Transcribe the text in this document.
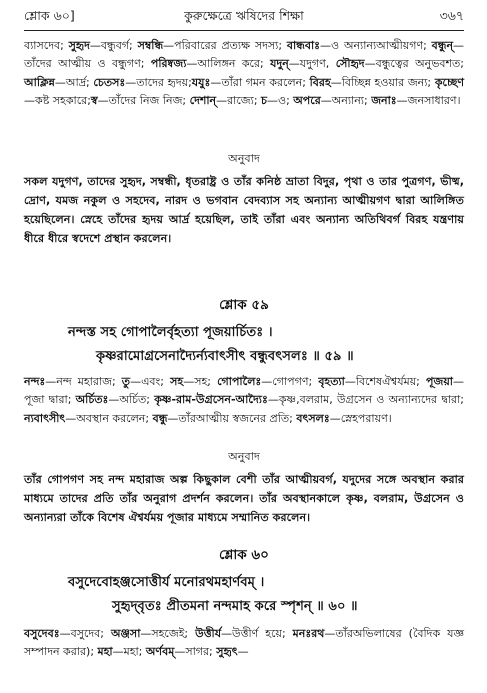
কুরুক্ষেত্রে ঋষিদের শিক্ষা
শ্লোক ৬০]	৩৬৭

ব্যাসদেব; সুহৃদ—বন্ধুবর্গ; সম্বন্ধি—পরিবারের প্রত্যক্ষ সদস্য; বান্ধবাঃ—ও অন্যান্যআত্মীয়গণ; বন্ধুন্—তাঁদের আত্মীয় ও বন্ধুগণ; পরিষ্বজ্য—আলিঙ্গন করে; যদুন্—যদুগণ, সৌহৃদ—বন্ধুত্বের অনুভবশত; আক্লিন্ন—আর্দ্র; চেতসঃ—তাদের হৃদয়;যযুঃ—তাঁরা গমন করলেন; বিরহ—বিচ্ছিন্ন হওয়ার জন্য; কৃচ্ছেণ—কষ্ট সহকারে;স্ব—তাঁদের নিজ নিজ; দেশান্—রাজ্যে; চ—ও; অপরে—অন্যান্য; জনাঃ—জনসাধারণ।

অনুবাদ

সকল যদুগণ, তাদের সুহৃদ, সম্বন্ধী, ধৃতরাষ্ট্র ও তাঁর কনিষ্ঠ ভ্রাতা বিদুর, পৃথা ও তার পুত্রগণ, ভীষ্ম, দ্রোণ, যমজ নকুল ও সহদেব, নারদ ও ভগবান বেদব্যাস সহ অন্যান্য আত্মীয়গণ দ্বারা আলিঙ্গিত হয়েছিলেন। স্নেহে তাঁদের হৃদয় আর্দ্র হয়েছিল, তাই তাঁরা এবং অন্যান্য অতিথিবর্গ বিরহ যন্ত্রণায় ধীরে ধীরে স্বদেশে প্রস্থান করলেন।

শ্লোক ৫৯
নন্দস্ত সহ গোপালৈর্বৃহত্যা পূজয়ার্চিতঃ ।
কৃষ্ণরামোগ্রসেনাদ্যৈর্ন্যবাৎসীৎ বন্ধুবৎসলঃ ॥ ৫৯ ॥

নন্দঃ—নন্দ মহারাজ; তু—এবং; সহ—সহ; গোপালৈঃ—গোপগণ; বৃহত্যা—বিশেষঐশ্বর্যময়; পূজয়া—পূজা দ্বারা; অর্চিতঃ—অর্চিত; কৃষ্ণ-রাম-উগ্রসেন-আদ্যৈঃ—কৃষ্ণ,বলরাম, উগ্রসেন ও অন্যান্যদের দ্বারা; ন্যবাৎসীৎ—অবস্থান করলেন; বন্ধু—তাঁরআত্মীয় স্বজনের প্রতি; বৎসলঃ—স্নেহপরায়ণ।

অনুবাদ

তাঁর গোপগণ সহ নন্দ মহারাজ অল্প কিছুকাল বেশী তাঁর আত্মীয়বর্গ, যদুদের সঙ্গে অবস্থান করার মাধ্যমে তাদের প্রতি তাঁর অনুরাগ প্রদর্শন করলেন। তাঁর অবস্থানকালে কৃষ্ণ, বলরাম, উগ্রসেন ও অন্যান্যরা তাঁকে বিশেষ ঐশ্বর্যময় পূজার মাধ্যমে সম্মানিত করলেন।

শ্লোক ৬০
বসুদেবোহঞ্জসোত্তীর্য মনোরথমহার্ণবম্ ।
সুহৃদ্‌বৃতঃ প্রীতমনা নন্দমাহ করে স্পৃশন্ ॥ ৬০ ॥

বসুদেবঃ—বসুদেব; অঞ্জসা—সহজেই; উত্তীর্য—উত্তীর্ণ হয়ে; মনঃরথ—তাঁরঅভিলাষের (বৈদিক যজ্ঞ সম্পাদন করার); মহা—মহা; অর্ণবম্—সাগর; সুহৃৎ—
